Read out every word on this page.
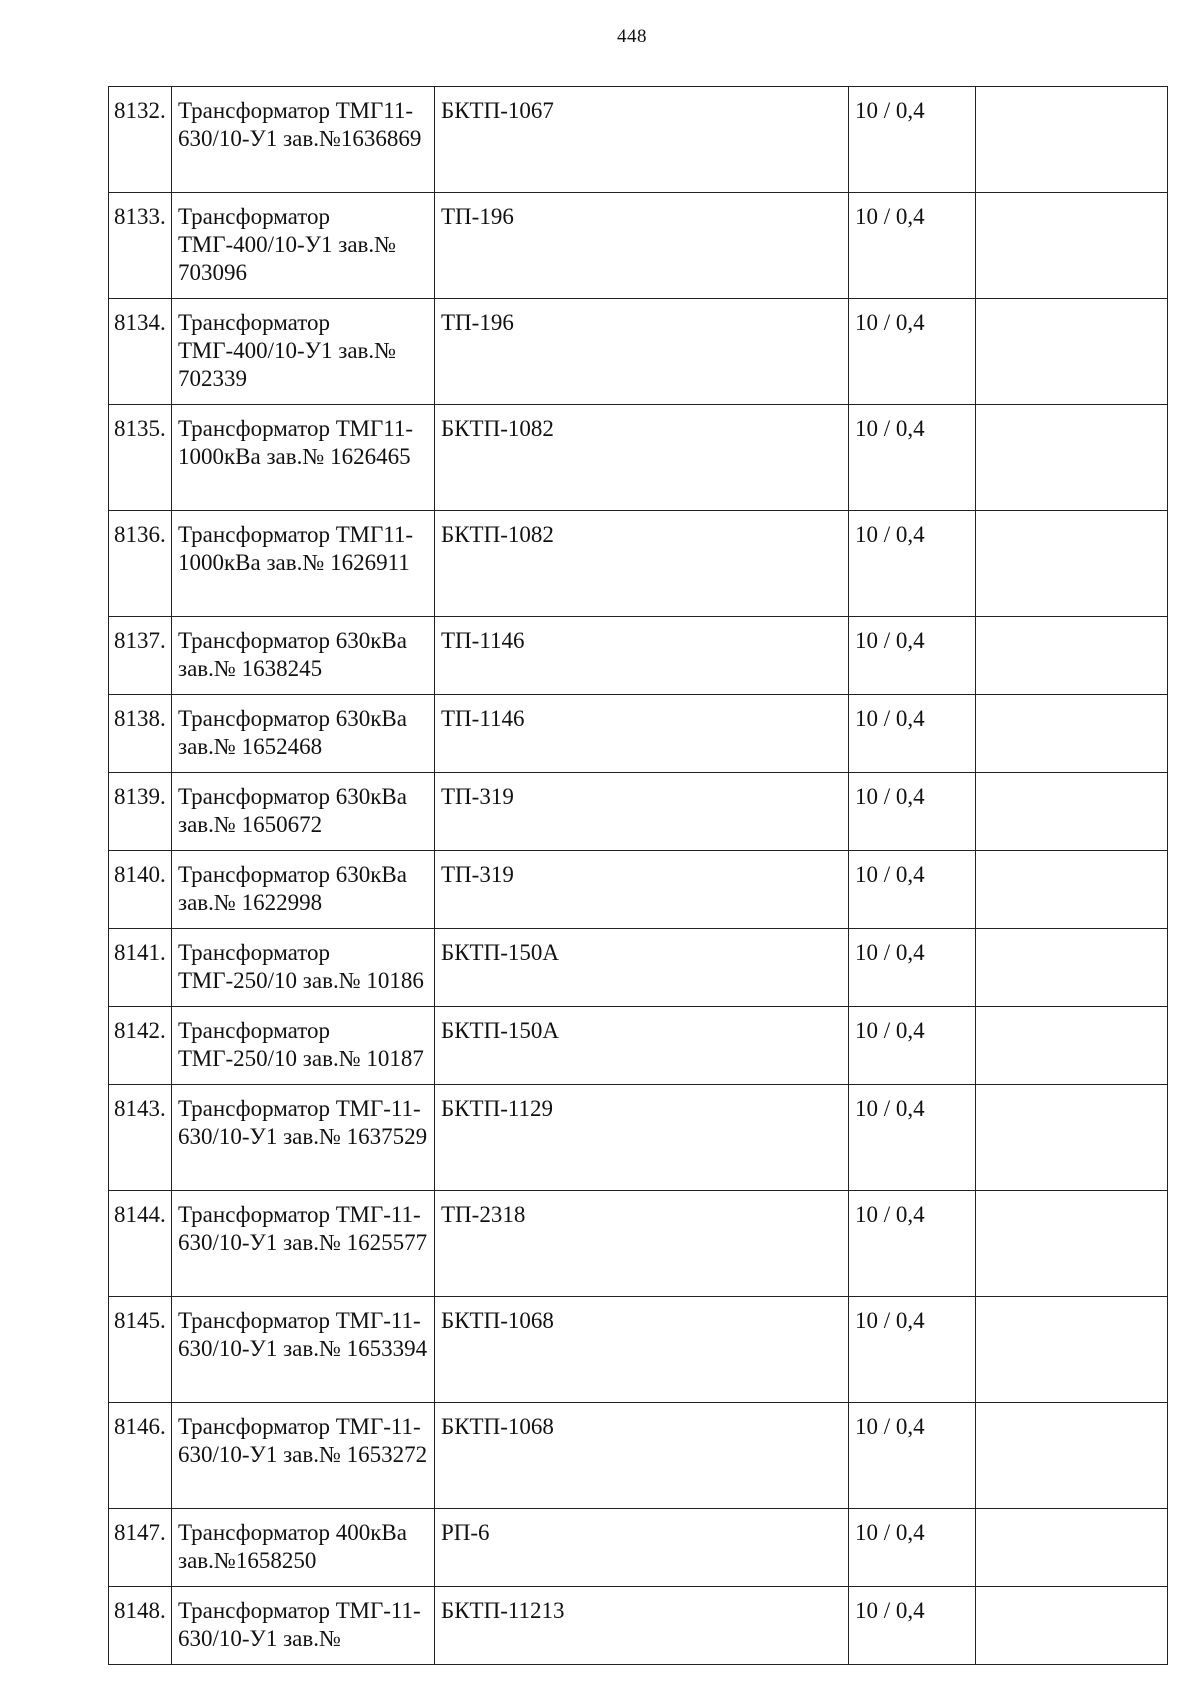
448
8132.	Трансформатор ТМГ11-630/10-У1 зав.№1636869	БКТП-1067	10 / 0,4	
8133.	Трансформатор ТМГ-400/10-У1 зав.№ 703096	ТП-196	10 / 0,4	
8134.	Трансформатор ТМГ-400/10-У1 зав.№ 702339	ТП-196	10 / 0,4	
8135.	Трансформатор ТМГ11-1000кВа зав.№ 1626465	БКТП-1082	10 / 0,4	
8136.	Трансформатор ТМГ11-1000кВа зав.№ 1626911	БКТП-1082	10 / 0,4	
8137.	Трансформатор 630кВа зав.№ 1638245	ТП-1146	10 / 0,4	
8138.	Трансформатор 630кВа зав.№ 1652468	ТП-1146	10 / 0,4	
8139.	Трансформатор 630кВа зав.№ 1650672	ТП-319	10 / 0,4	
8140.	Трансформатор 630кВа зав.№ 1622998	ТП-319	10 / 0,4	
8141.	Трансформатор ТМГ-250/10 зав.№ 10186	БКТП-150А	10 / 0,4	
8142.	Трансформатор ТМГ-250/10 зав.№ 10187	БКТП-150А	10 / 0,4	
8143.	Трансформатор ТМГ-11-630/10-У1 зав.№ 1637529	БКТП-1129	10 / 0,4	
8144.	Трансформатор ТМГ-11-630/10-У1 зав.№ 1625577	ТП-2318	10 / 0,4	
8145.	Трансформатор ТМГ-11-630/10-У1 зав.№ 1653394	БКТП-1068	10 / 0,4	
8146.	Трансформатор ТМГ-11-630/10-У1 зав.№ 1653272	БКТП-1068	10 / 0,4	
8147.	Трансформатор 400кВа зав.№1658250	РП-6	10 / 0,4	
8148.	Трансформатор ТМГ-11-630/10-У1 зав.№	БКТП-11213	10 / 0,4	
